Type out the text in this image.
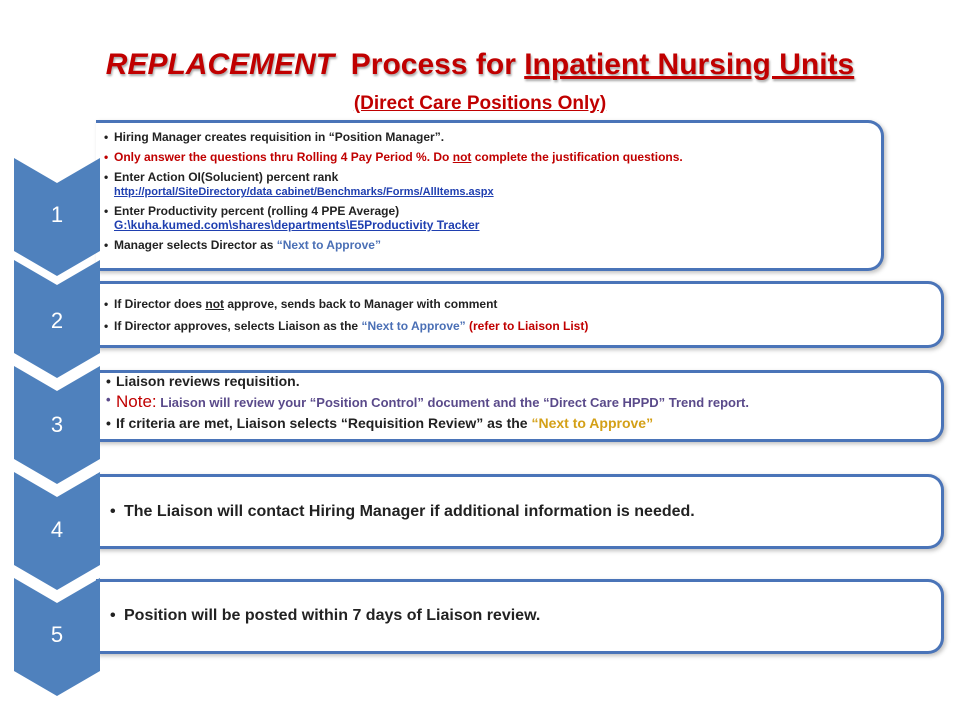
REPLACEMENT Process for Inpatient Nursing Units
(Direct Care Positions Only)
• Hiring Manager creates requisition in “Position Manager”.
• Only answer the questions thru Rolling 4 Pay Period %. Do not complete the justification questions.
• Enter Action OI(Solucient) percent rank
http://portal/SiteDirectory/data cabinet/Benchmarks/Forms/AllItems.aspx
• Enter Productivity percent (rolling 4 PPE Average)
G:\kuha.kumed.com\shares\departments\E5Productivity Tracker
• Manager selects Director as “Next to Approve”
• If Director does not approve, sends back to Manager with comment
• If Director approves, selects Liaison as the “Next to Approve” (refer to Liaison List)
• Liaison reviews requisition.
• Note: Liaison will review your “Position Control” document and the “Direct Care HPPD” Trend report.
• If criteria are met, Liaison selects “Requisition Review” as the “Next to Approve”
• The Liaison will contact Hiring Manager if additional information is needed.
• Position will be posted within 7 days of Liaison review.
1
2
3
4
5
